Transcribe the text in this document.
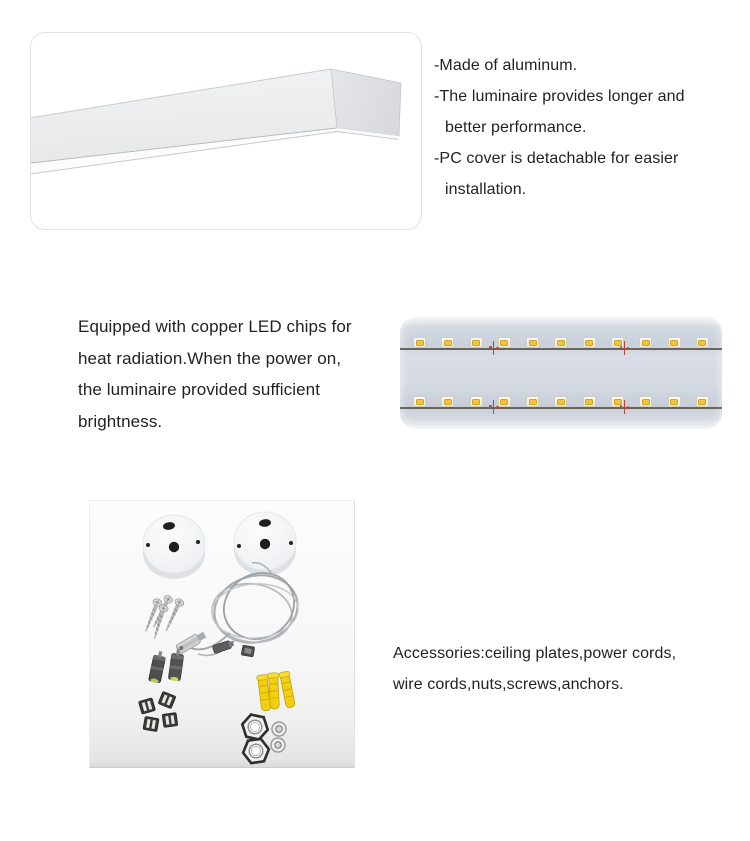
-Made of aluminum.
-The luminaire provides longer and
better performance.
-PC cover is detachable for easier
installation.
Equipped with copper LED chips for
heat radiation.When the power on,
the luminaire provided sufficient
brightness.
Accessories:ceiling plates,power cords,
wire cords,nuts,screws,anchors.
